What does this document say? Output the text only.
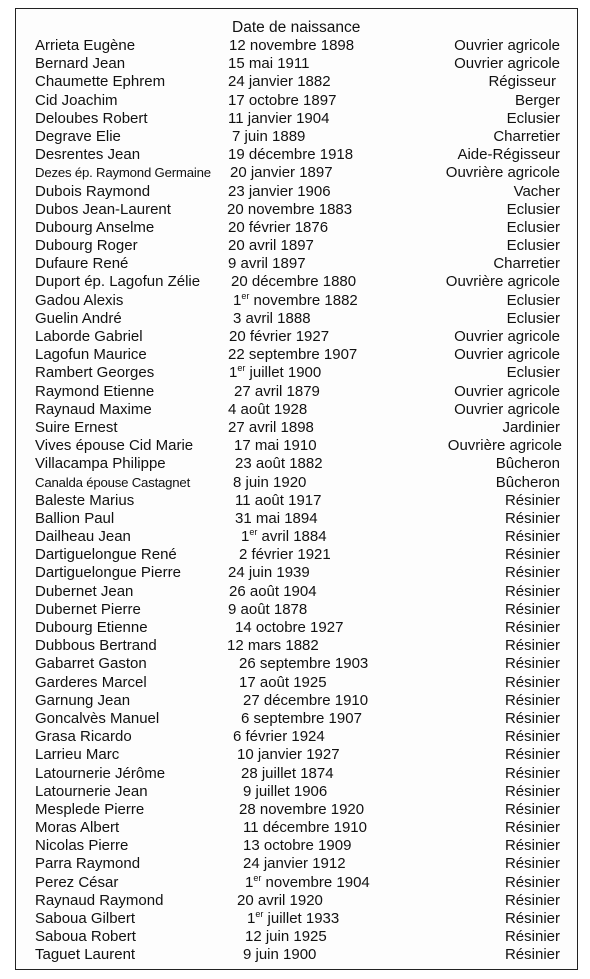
Date de naissance
Arrieta Eugène	12 novembre 1898	Ouvrier agricole
Bernard Jean	15 mai 1911	Ouvrier agricole
Chaumette Ephrem	24 janvier 1882	Régisseur
Cid Joachim	17 octobre 1897	Berger
Deloubes Robert	11 janvier 1904	Eclusier
Degrave Elie	7 juin 1889	Charretier
Desrentes Jean	19 décembre 1918	Aide-Régisseur
Dezes ép. Raymond Germaine 20 janvier 1897	Ouvrière agricole
Dubois Raymond	23 janvier 1906	Vacher
Dubos Jean-Laurent	20 novembre 1883	Eclusier
Dubourg Anselme	20 février 1876	Eclusier
Dubourg Roger	20 avril 1897	Eclusier
Dufaure René	9 avril 1897	Charretier
Duport ép. Lagofun Zélie 20 décembre 1880	Ouvrière agricole
Gadou Alexis	1er novembre 1882	Eclusier
Guelin André	3 avril 1888	Eclusier
Laborde Gabriel	20 février 1927	Ouvrier agricole
Lagofun Maurice	22 septembre 1907	Ouvrier agricole
Rambert Georges	1er juillet 1900	Eclusier
Raymond Etienne	27 avril 1879	Ouvrier agricole
Raynaud Maxime	4 août 1928	Ouvrier agricole
Suire Ernest	27 avril 1898	Jardinier
Vives épouse Cid Marie	17 mai 1910	Ouvrière agricole
Villacampa Philippe	23 août 1882	Bûcheron
Canalda épouse Castagnet	8 juin 1920	Bûcheron
Baleste Marius	11 août 1917	Résinier
Ballion Paul	31 mai 1894	Résinier
Dailheau Jean	1er avril 1884	Résinier
Dartiguelongue René	2 février 1921	Résinier
Dartiguelongue Pierre	24 juin 1939	Résinier
Dubernet Jean	26 août 1904	Résinier
Dubernet Pierre	9 août 1878	Résinier
Dubourg Etienne	14 octobre 1927	Résinier
Dubbous Bertrand	12 mars 1882	Résinier
Gabarret Gaston	26 septembre 1903	Résinier
Garderes Marcel	17 août 1925	Résinier
Garnung Jean	27 décembre 1910	Résinier
Goncalvès Manuel	6 septembre 1907	Résinier
Grasa Ricardo	6 février 1924	Résinier
Larrieu Marc	10 janvier 1927	Résinier
Latournerie Jérôme	28 juillet 1874	Résinier
Latournerie Jean	9 juillet 1906	Résinier
Mesplede Pierre	28 novembre 1920	Résinier
Moras Albert	11 décembre 1910	Résinier
Nicolas Pierre	13 octobre 1909	Résinier
Parra Raymond	24 janvier 1912	Résinier
Perez César	1er novembre 1904	Résinier
Raynaud Raymond	20 avril 1920	Résinier
Saboua Gilbert	1er juillet 1933	Résinier
Saboua Robert	12 juin 1925	Résinier
Taguet Laurent	9 juin 1900	Résinier
